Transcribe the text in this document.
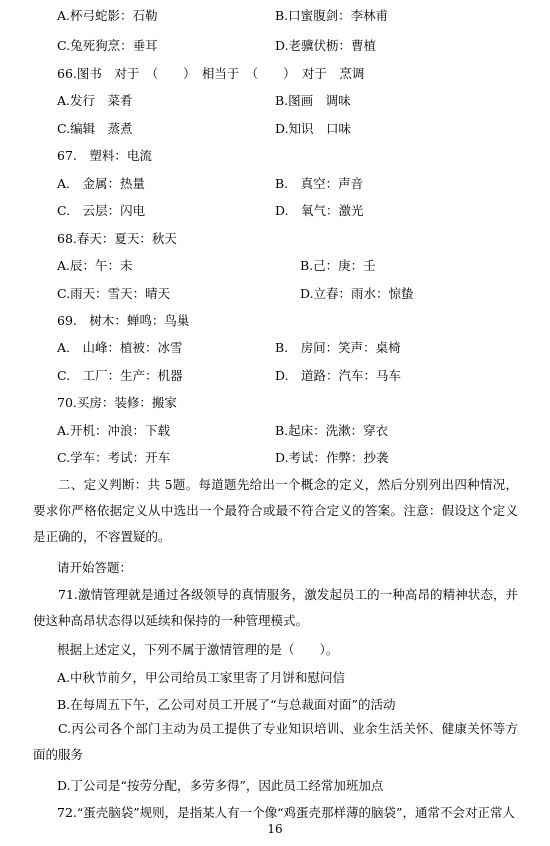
A.杯弓蛇影：石勒	B.口蜜腹剑：李林甫
C.兔死狗烹：垂耳	D.老骥伏枥：曹植
66.图书　对于　（　　）　相当于　（　　）　对于　烹调
A.发行　菜肴	B.图画　调味
C.编辑　蒸煮	D.知识　口味
67.　塑料：电流
A.　金属：热量	B.　真空：声音
C.　云层：闪电	D.　氧气：激光
68.春天：夏天：秋天
A.辰：午：未	B.己：庚：壬
C.雨天：雪天：晴天	D.立春：雨水：惊蛰
69.　树木：蝉鸣：鸟巢
A.　山峰：植被：冰雪	B.　房间：笑声：桌椅
C.　工厂：生产：机器	D.　道路：汽车：马车
70.买房：装修：搬家
A.开机：冲浪：下载	B.起床：洗漱：穿衣
C.学车：考试：开车	D.考试：作弊：抄袭
二、定义判断：共 5题。每道题先给出一个概念的定义，然后分别列出四种情况，要求你严格依据定义从中选出一个最符合或最不符合定义的答案。注意：假设这个定义是正确的，不容置疑的。
请开始答题：
71.激情管理就是通过各级领导的真情服务，激发起员工的一种高昂的精神状态，并使这种高昂状态得以延续和保持的一种管理模式。
根据上述定义，下列不属于激情管理的是（　　）。
A.中秋节前夕，甲公司给员工家里寄了月饼和慰问信
B.在每周五下午，乙公司对员工开展了“与总裁面对面”的活动
C.丙公司各个部门主动为员工提供了专业知识培训、业余生活关怀、健康关怀等方面的服务
D.丁公司是“按劳分配，多劳多得”，因此员工经常加班加点
72.“蛋壳脑袋”规则，是指某人有一个像“鸡蛋壳那样薄的脑袋”，通常不会对正常人
16
